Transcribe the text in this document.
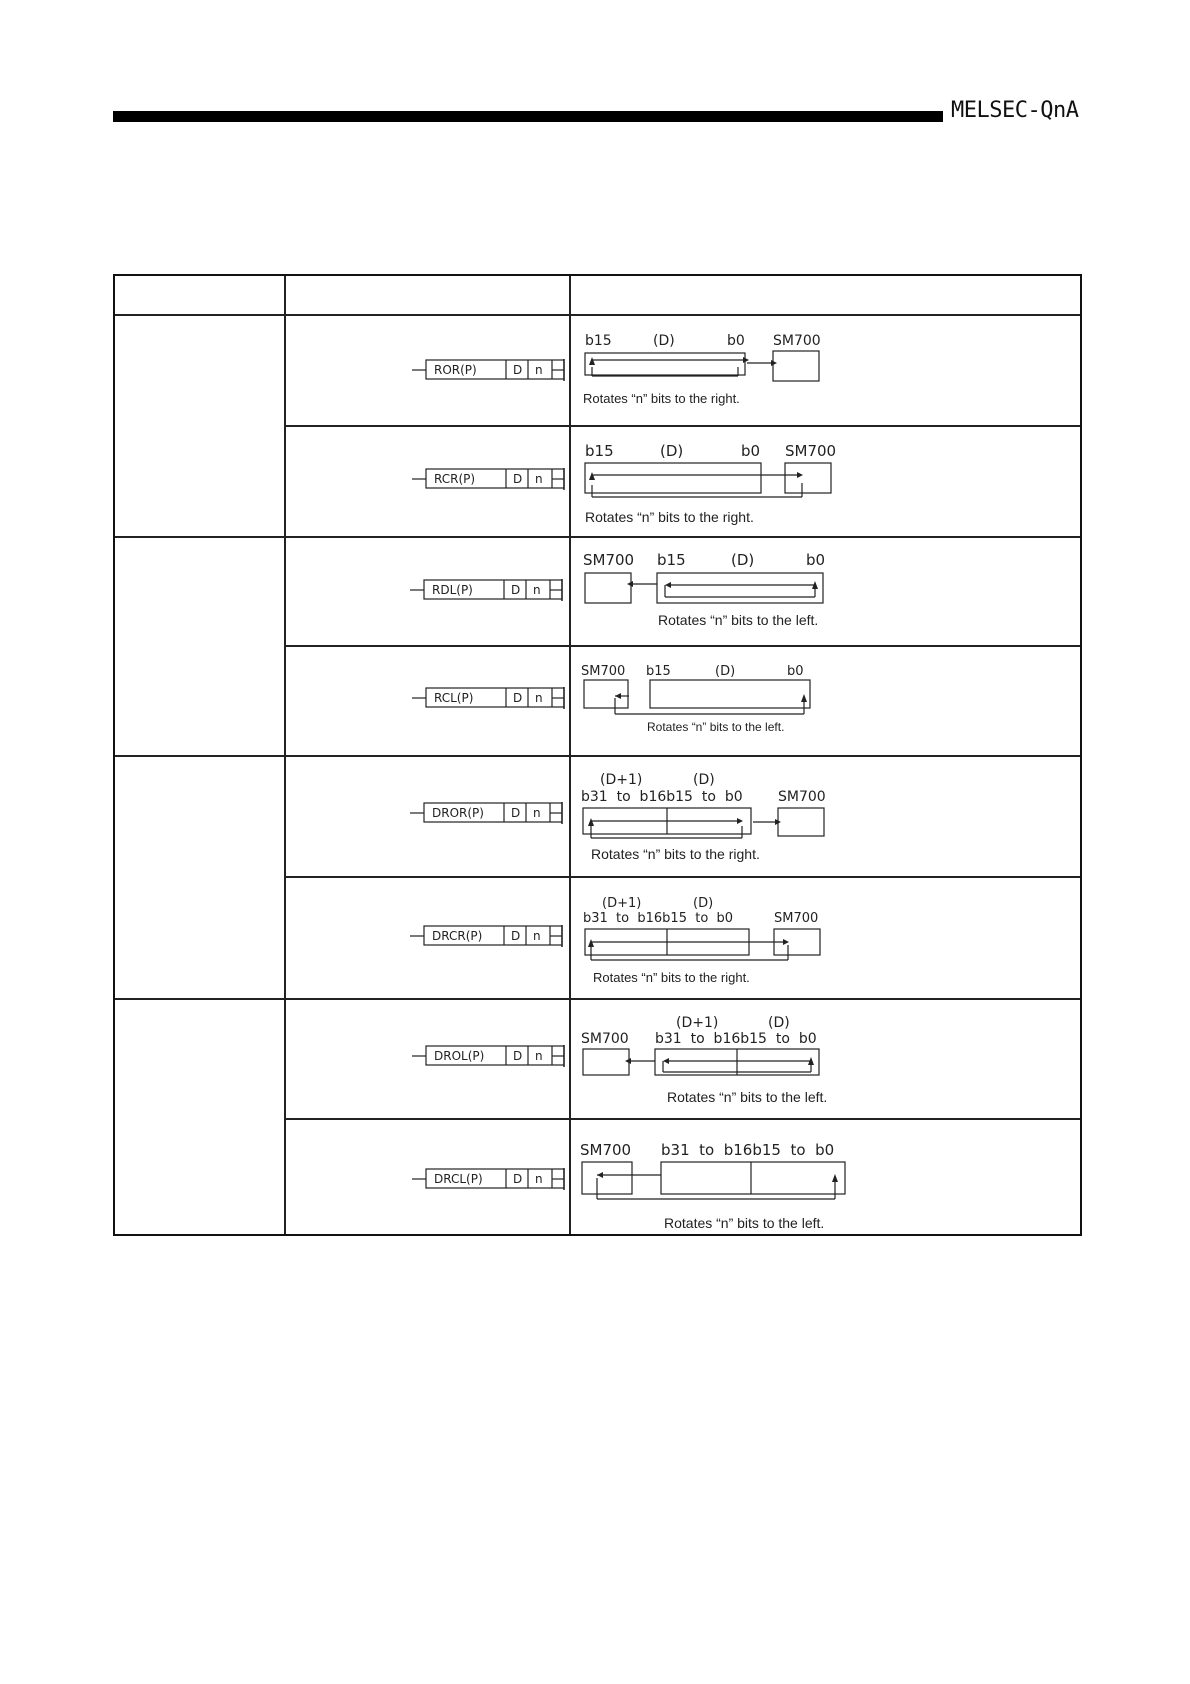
MELSEC-QnA
ROR(P)	D n
b15	(D)	b0 SM700
Rotates “n” bits to the right.
RCR(P)	D n
b15	(D)	b0 SM700
Rotates “n” bits to the right.
RDL(P)	D n
SM700 b15	(D)	b0
Rotates “n” bits to the left.
RCL(P)	D n
SM700 b15	(D)	b0
Rotates “n” bits to the left.
DROR(P) D n
(D+1)	(D)
b31  to  b16b15  to  b0	SM700
Rotates “n” bits to the right.
DRCR(P) D n
(D+1)	(D)
b31  to  b16b15  to  b0	SM700
Rotates “n” bits to the right.
DROL(P) D n
(D+1)	(D)
SM700 b31  to  b16b15  to  b0
Rotates “n” bits to the left.
DRCL(P)	D n
SM700 b31  to  b16b15  to  b0
Rotates “n” bits to the left.
